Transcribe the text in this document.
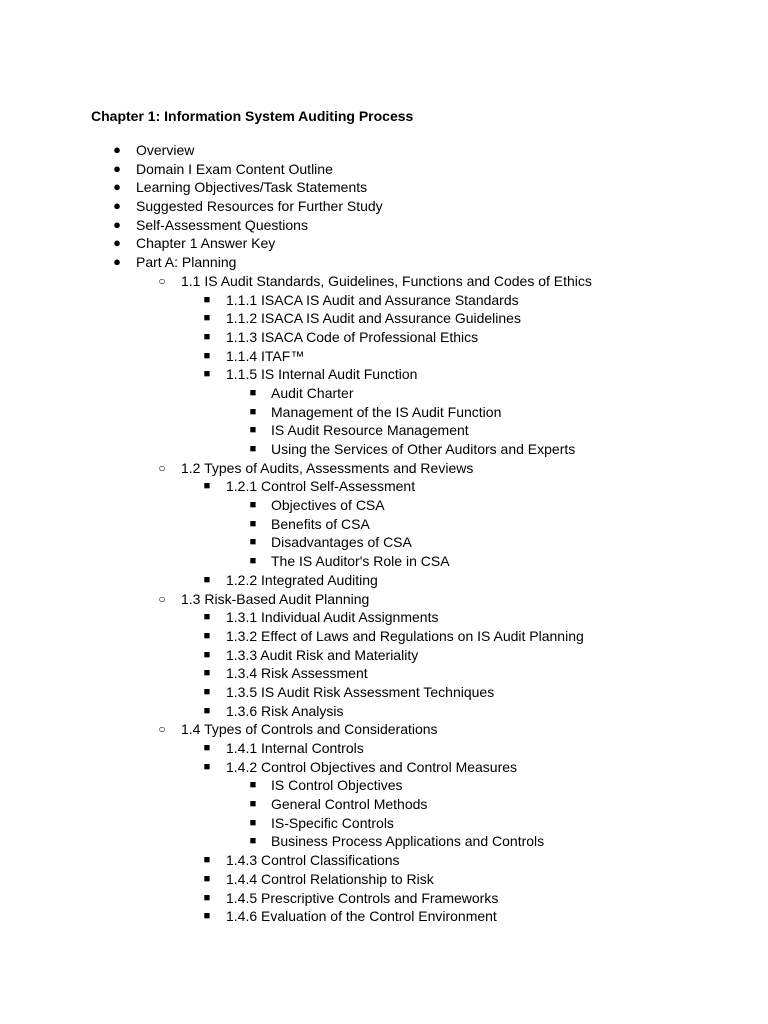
Chapter 1: Information System Auditing Process
● Overview
● Domain I Exam Content Outline
● Learning Objectives/Task Statements
● Suggested Resources for Further Study
● Self-Assessment Questions
● Chapter 1 Answer Key
● Part A: Planning
○ 1.1 IS Audit Standards, Guidelines, Functions and Codes of Ethics
■ 1.1.1 ISACA IS Audit and Assurance Standards
■ 1.1.2 ISACA IS Audit and Assurance Guidelines
■ 1.1.3 ISACA Code of Professional Ethics
■ 1.1.4 ITAF™
■ 1.1.5 IS Internal Audit Function
■ Audit Charter
■ Management of the IS Audit Function
■ IS Audit Resource Management
■ Using the Services of Other Auditors and Experts
○ 1.2 Types of Audits, Assessments and Reviews
■ 1.2.1 Control Self-Assessment
■ Objectives of CSA
■ Benefits of CSA
■ Disadvantages of CSA
■ The IS Auditor's Role in CSA
■ 1.2.2 Integrated Auditing
○ 1.3 Risk-Based Audit Planning
■ 1.3.1 Individual Audit Assignments
■ 1.3.2 Effect of Laws and Regulations on IS Audit Planning
■ 1.3.3 Audit Risk and Materiality
■ 1.3.4 Risk Assessment
■ 1.3.5 IS Audit Risk Assessment Techniques
■ 1.3.6 Risk Analysis
○ 1.4 Types of Controls and Considerations
■ 1.4.1 Internal Controls
■ 1.4.2 Control Objectives and Control Measures
■ IS Control Objectives
■ General Control Methods
■ IS-Specific Controls
■ Business Process Applications and Controls
■ 1.4.3 Control Classifications
■ 1.4.4 Control Relationship to Risk
■ 1.4.5 Prescriptive Controls and Frameworks
■ 1.4.6 Evaluation of the Control Environment
